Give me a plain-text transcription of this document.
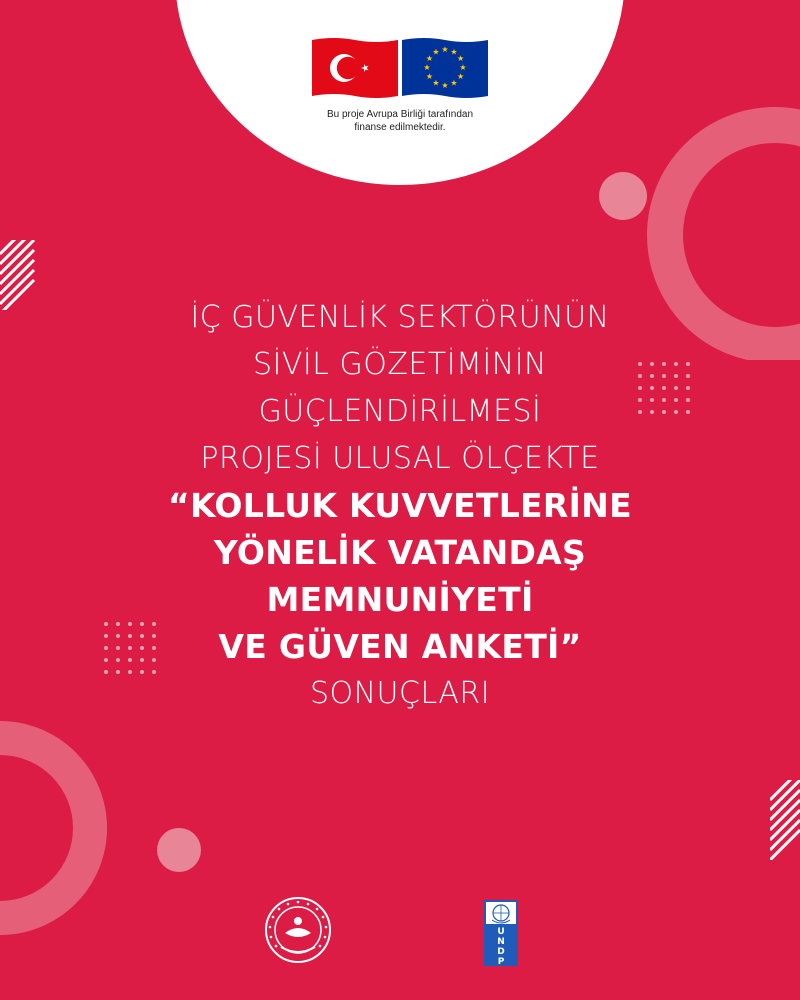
★ ★
★
★
★
★
★
★
★
★
★
★
Bu proje Avrupa Birliği tarafından
finanse edilmektedir.
İÇ GÜVENLİK SEKTÖRÜNÜN
SİVİL GÖZETİMİNİN
GÜÇLENDİRİLMESİ
PROJESİ ULUSAL ÖLÇEKTE
“KOLLUK KUVVETLERİNE
YÖNELİK VATANDAŞ
MEMNUNİYETİ
VE GÜVEN ANKETİ”
SONUÇLARI
U
N
D
P
